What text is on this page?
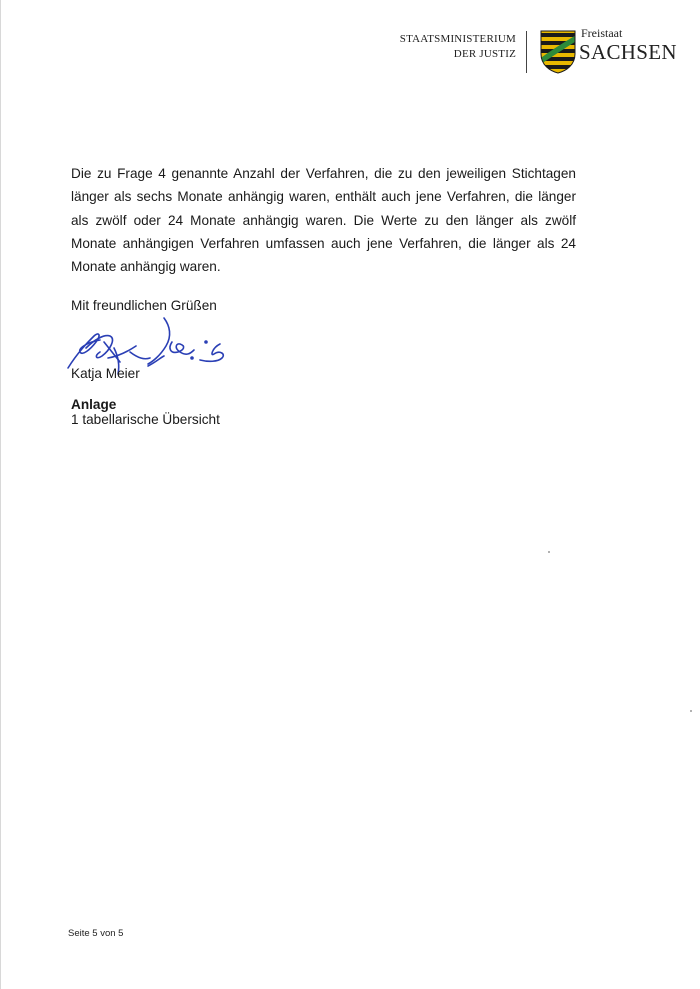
STAATSMINISTERIUM
DER JUSTIZ
Freistaat
SACHSEN
Die zu Frage 4 genannte Anzahl der Verfahren, die zu den jeweiligen Stichtagen länger als sechs Monate anhängig waren, enthält auch jene Verfahren, die länger als zwölf oder 24 Monate anhängig waren. Die Werte zu den länger als zwölf Monate anhängigen Verfahren umfassen auch jene Verfahren, die länger als 24 Monate anhängig waren.
Mit freundlichen Grüßen
Katja Meier
Anlage
1 tabellarische Übersicht
Seite 5 von 5
